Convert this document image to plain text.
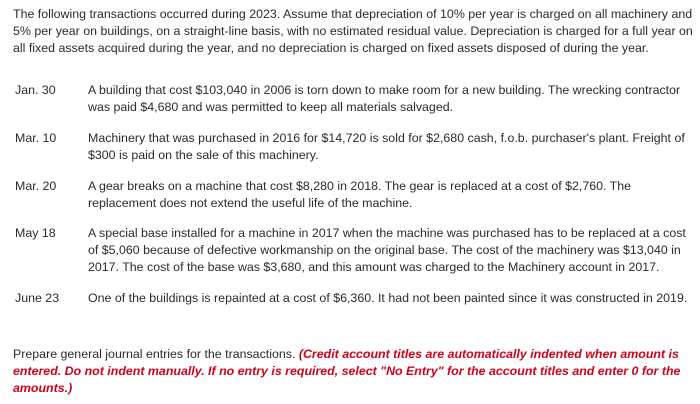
The following transactions occurred during 2023. Assume that depreciation of 10% per year is charged on all machinery and 5% per year on buildings, on a straight-line basis, with no estimated residual value. Depreciation is charged for a full year on all fixed assets acquired during the year, and no depreciation is charged on fixed assets disposed of during the year.

Jan. 30	A building that cost $103,040 in 2006 is torn down to make room for a new building. The wrecking contractor was paid $4,680 and was permitted to keep all materials salvaged.

Mar. 10	Machinery that was purchased in 2016 for $14,720 is sold for $2,680 cash, f.o.b. purchaser's plant. Freight of $300 is paid on the sale of this machinery.

Mar. 20	A gear breaks on a machine that cost $8,280 in 2018. The gear is replaced at a cost of $2,760. The replacement does not extend the useful life of the machine.

May 18	A special base installed for a machine in 2017 when the machine was purchased has to be replaced at a cost of $5,060 because of defective workmanship on the original base. The cost of the machinery was $13,040 in 2017. The cost of the base was $3,680, and this amount was charged to the Machinery account in 2017.

June 23	One of the buildings is repainted at a cost of $6,360. It had not been painted since it was constructed in 2019.

Prepare general journal entries for the transactions. (Credit account titles are automatically indented when amount is entered. Do not indent manually. If no entry is required, select "No Entry" for the account titles and enter 0 for the amounts.)
